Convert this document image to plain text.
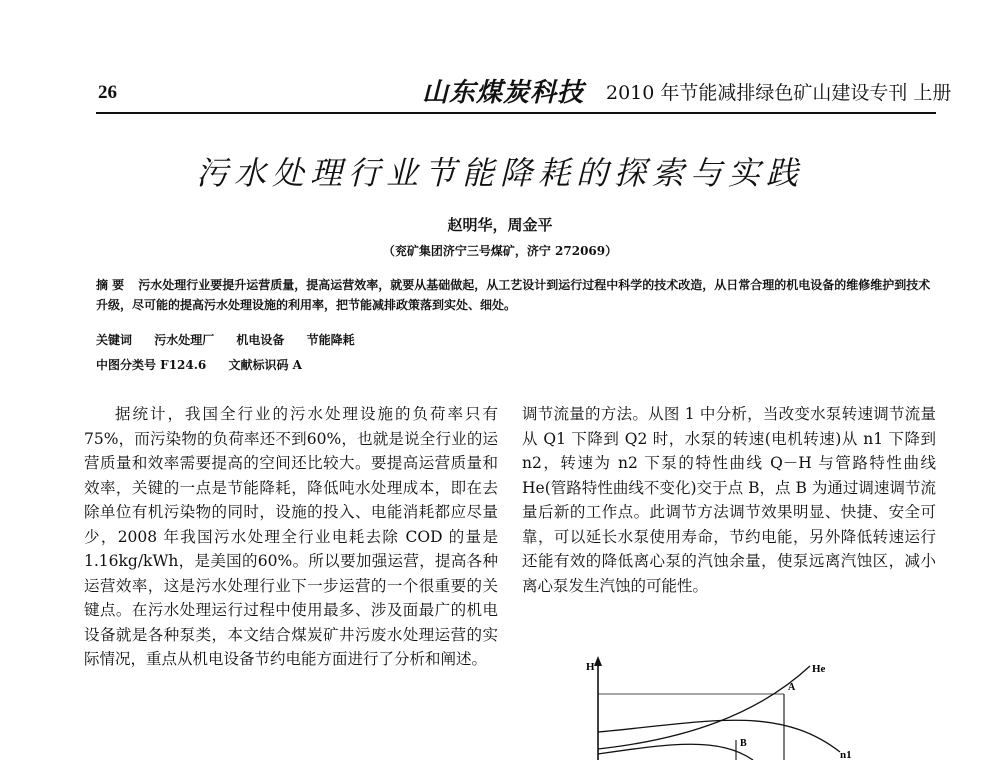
26	山东煤炭科技 2010 年节能减排绿色矿山建设专刊 上册
污水处理行业节能降耗的探索与实践
赵明华，周金平
（兖矿集团济宁三号煤矿，济宁 272069）
摘 要 污水处理行业要提升运营质量，提高运营效率，就要从基础做起，从工艺设计到运行过程中科学的技术改造，从日常合理的机电设备的维修维护到技术升级，尽可能的提高污水处理设施的利用率，把节能减排政策落到实处、细处。
关键词 污水处理厂 机电设备 节能降耗
中图分类号 F124.6 文献标识码 A

据统计，我国全行业的污水处理设施的负荷率只有75%，而污染物的负荷率还不到60%，也就是说全行业的运营质量和效率需要提高的空间还比较大。要提高运营质量和效率，关键的一点是节能降耗，降低吨水处理成本，即在去除单位有机污染物的同时，设施的投入、电能消耗都应尽量少，2008 年我国污水处理全行业电耗去除 COD 的量是 1.16kg/kWh，是美国的60%。所以要加强运营，提高各种运营效率，这是污水处理行业下一步运营的一个很重要的关键点。在污水处理运行过程中使用最多、涉及面最广的机电设备就是各种泵类，本文结合煤炭矿井污废水处理运营的实际情况，重点从机电设备节约电能方面进行了分析和阐述。

调节流量的方法。从图 1 中分析，当改变水泵转速调节流量从 Q1 下降到 Q2 时，水泵的转速(电机转速)从 n1 下降到 n2，转速为 n2 下泵的特性曲线 Q－H 与管路特性曲线 He(管路特性曲线不变化)交于点 B，点 B 为通过调速调节流量后新的工作点。此调节方法调节效果明显、快捷、安全可靠，可以延长水泵使用寿命，节约电能，另外降低转速运行还能有效的降低离心泵的汽蚀余量，使泵远离汽蚀区，减小离心泵发生汽蚀的可能性。

H	He
A
B
n1
